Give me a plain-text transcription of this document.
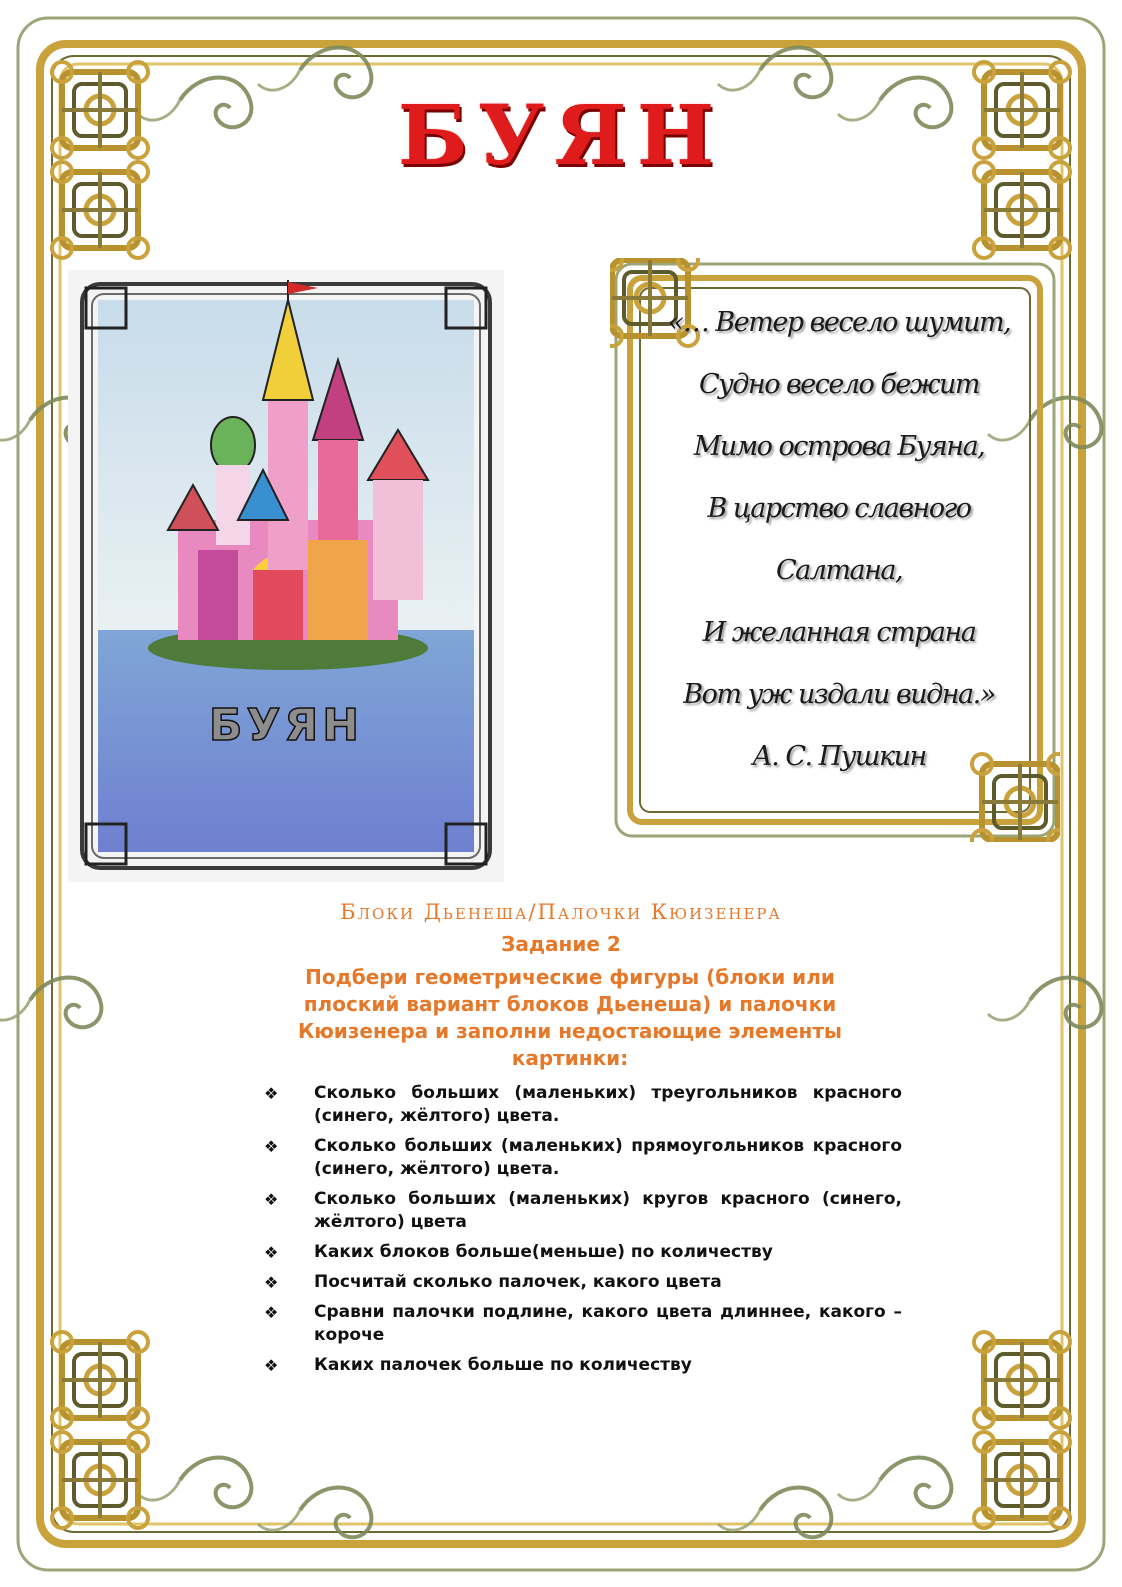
БУЯН
БУЯН
«… Ветер весело шумит,
Судно весело бежит
Мимо острова Буяна,
В царство славного
Салтана,
И желанная страна
Вот уж издали видна.»
А. С. Пушкин
Блоки Дьенеша/Палочки Кюизенера
Задание 2
Подбери геометрические фигуры (блоки или плоский вариант блоков Дьенеша) и палочки Кюизенера и заполни недостающие элементы картинки:
❖ Сколько больших (маленьких) треугольников красного (синего, жёлтого) цвета.
❖ Сколько больших (маленьких) прямоугольников красного (синего, жёлтого) цвета.
❖ Сколько больших (маленьких) кругов красного (синего, жёлтого) цвета
❖ Каких блоков больше(меньше) по количеству
❖ Посчитай сколько палочек, какого цвета
❖ Сравни палочки подлине, какого цвета длиннее, какого – короче
❖ Каких палочек больше по количеству
